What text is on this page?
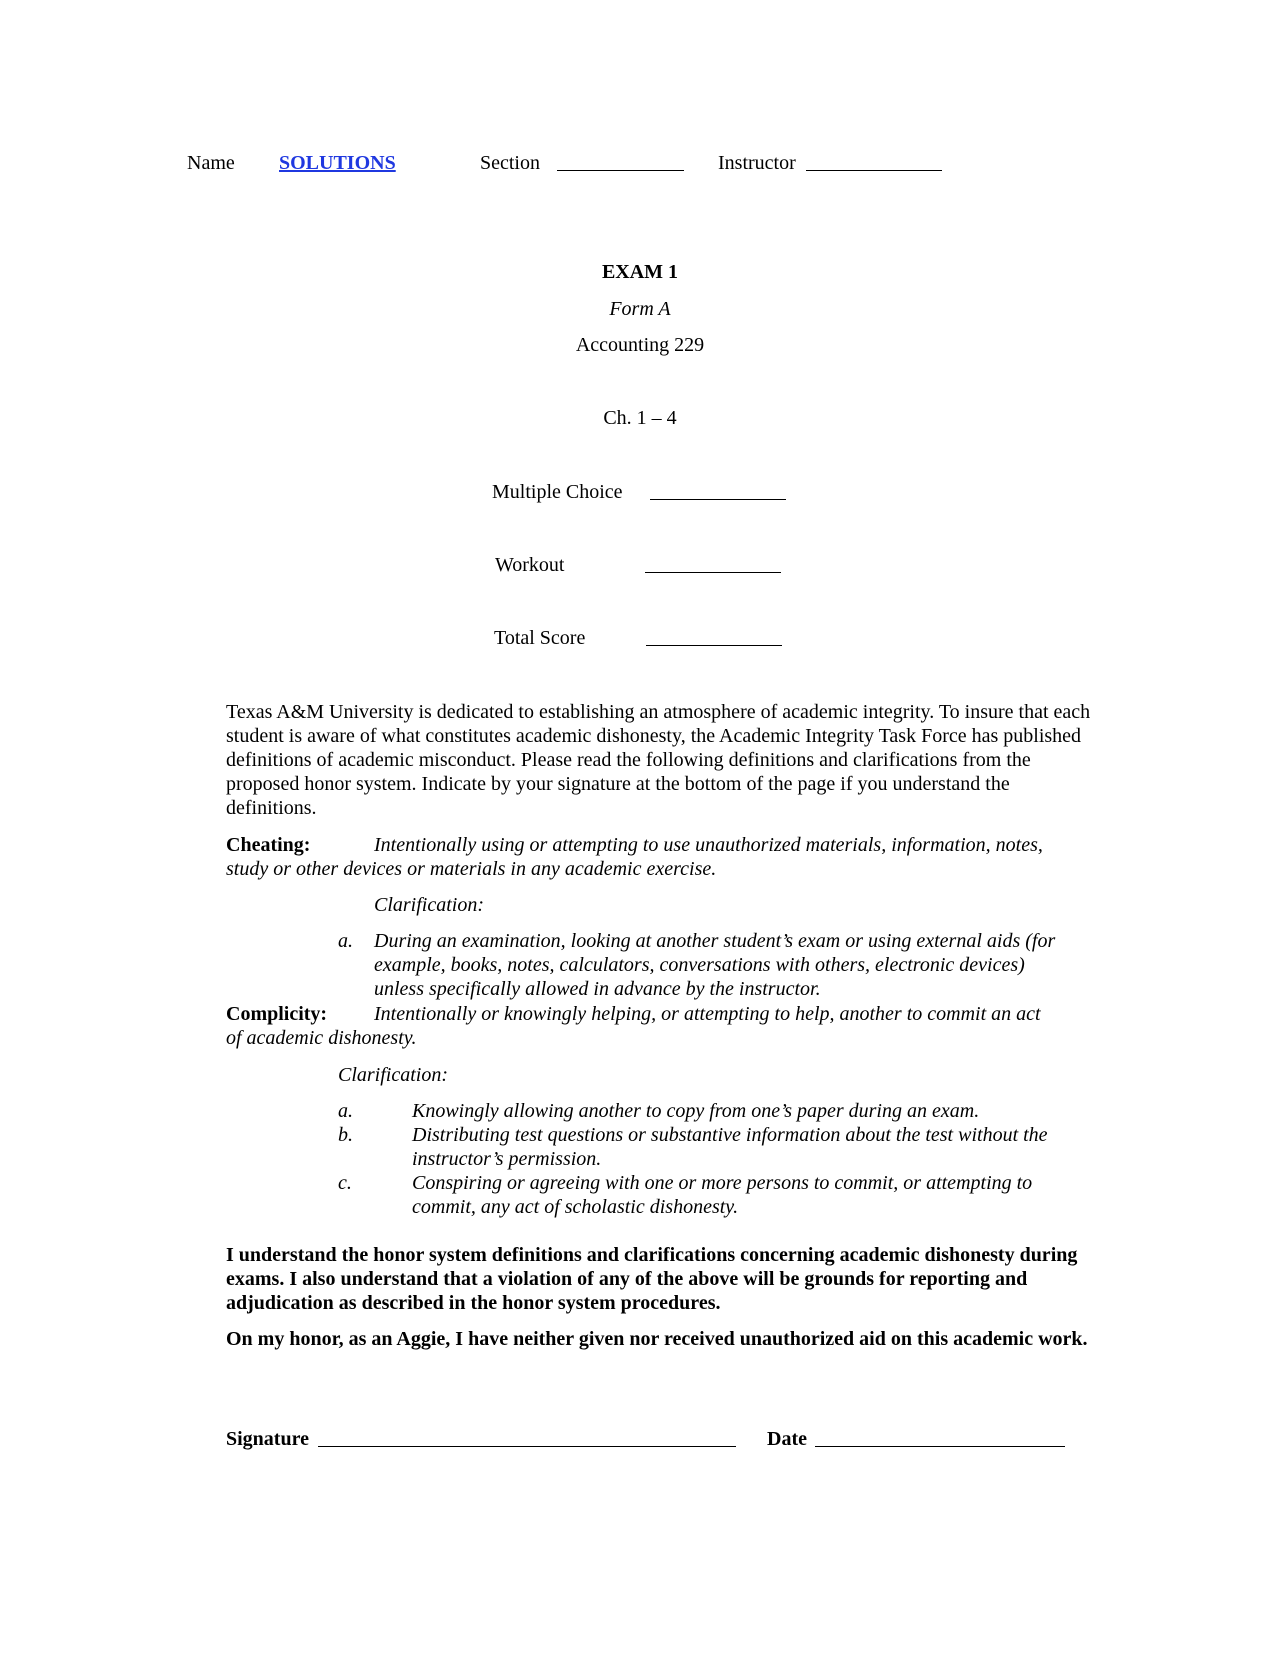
Name SOLUTIONS	Section	Instructor
EXAM 1
Form A
Accounting 229
Ch. 1 – 4
Multiple Choice
Workout
Total Score

Texas A&M University is dedicated to establishing an atmosphere of academic integrity. To insure that each student is aware of what constitutes academic dishonesty, the Academic Integrity Task Force has published definitions of academic misconduct. Please read the following definitions and clarifications from the proposed honor system. Indicate by your signature at the bottom of the page if you understand the definitions.

Cheating:	Intentionally using or attempting to use unauthorized materials, information, notes,
study or other devices or materials in any academic exercise.
Clarification:
a. During an examination, looking at another student’s exam or using external aids (for
example, books, notes, calculators, conversations with others, electronic devices)
unless specifically allowed in advance by the instructor.
Complicity: Intentionally or knowingly helping, or attempting to help, another to commit an act
of academic dishonesty.
Clarification:
a.	Knowingly allowing another to copy from one’s paper during an exam.
b.	Distributing test questions or substantive information about the test without the
instructor’s permission.
c.	Conspiring or agreeing with one or more persons to commit, or attempting to
commit, any act of scholastic dishonesty.

I understand the honor system definitions and clarifications concerning academic dishonesty during exams. I also understand that a violation of any of the above will be grounds for reporting and adjudication as described in the honor system procedures.

On my honor, as an Aggie, I have neither given nor received unauthorized aid on this academic work.

Signature	Date
